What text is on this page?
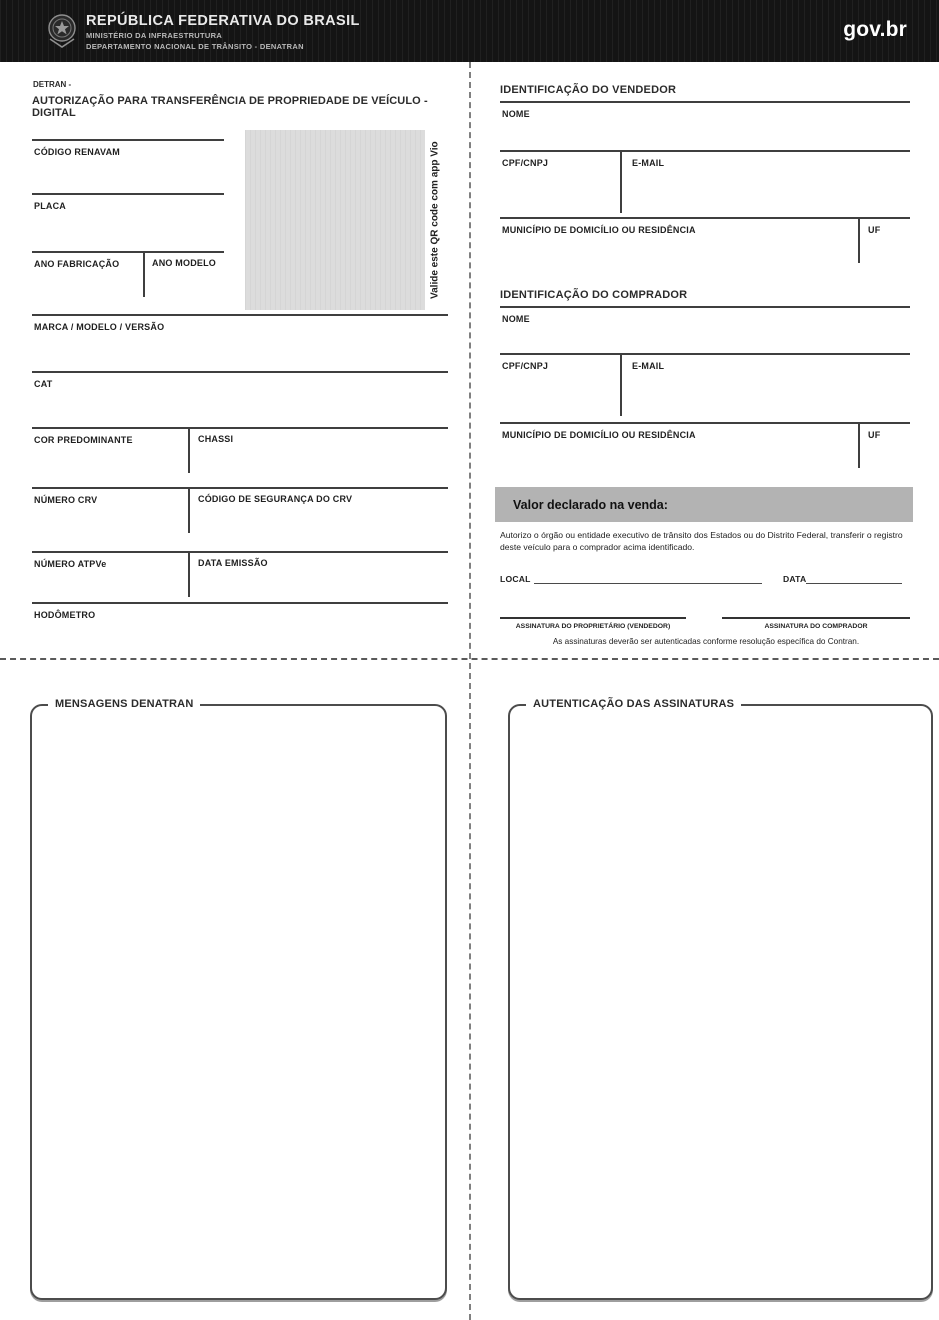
REPÚBLICA FEDERATIVA DO BRASIL
MINISTÉRIO DA INFRAESTRUTURA
DEPARTAMENTO NACIONAL DE TRÂNSITO - DENATRAN
gov.br
DETRAN -
AUTORIZAÇÃO PARA TRANSFERÊNCIA DE PROPRIEDADE DE VEÍCULO - DIGITAL
Valide este QR code com app Vio
CÓDIGO RENAVAM
PLACA
ANO FABRICAÇÃO	ANO MODELO
MARCA / MODELO / VERSÃO
CAT
COR PREDOMINANTE	CHASSI
NÚMERO CRV	CÓDIGO DE SEGURANÇA DO CRV
NÚMERO ATPVe	DATA EMISSÃO
HODÔMETRO
IDENTIFICAÇÃO DO VENDEDOR
NOME
CPF/CNPJ	E-MAIL
MUNICÍPIO DE DOMICÍLIO OU RESIDÊNCIA	UF
IDENTIFICAÇÃO DO COMPRADOR
NOME
CPF/CNPJ	E-MAIL
MUNICÍPIO DE DOMICÍLIO OU RESIDÊNCIA	UF
Valor declarado na venda:
Autorizo o órgão ou entidade executivo de trânsito dos Estados ou do Distrito Federal, transferir o registro deste veículo para o comprador acima identificado.
LOCAL	DATA
ASSINATURA DO PROPRIETÁRIO (VENDEDOR)	ASSINATURA DO COMPRADOR
As assinaturas deverão ser autenticadas conforme resolução específica do Contran.
MENSAGENS DENATRAN	AUTENTICAÇÃO DAS ASSINATURAS
